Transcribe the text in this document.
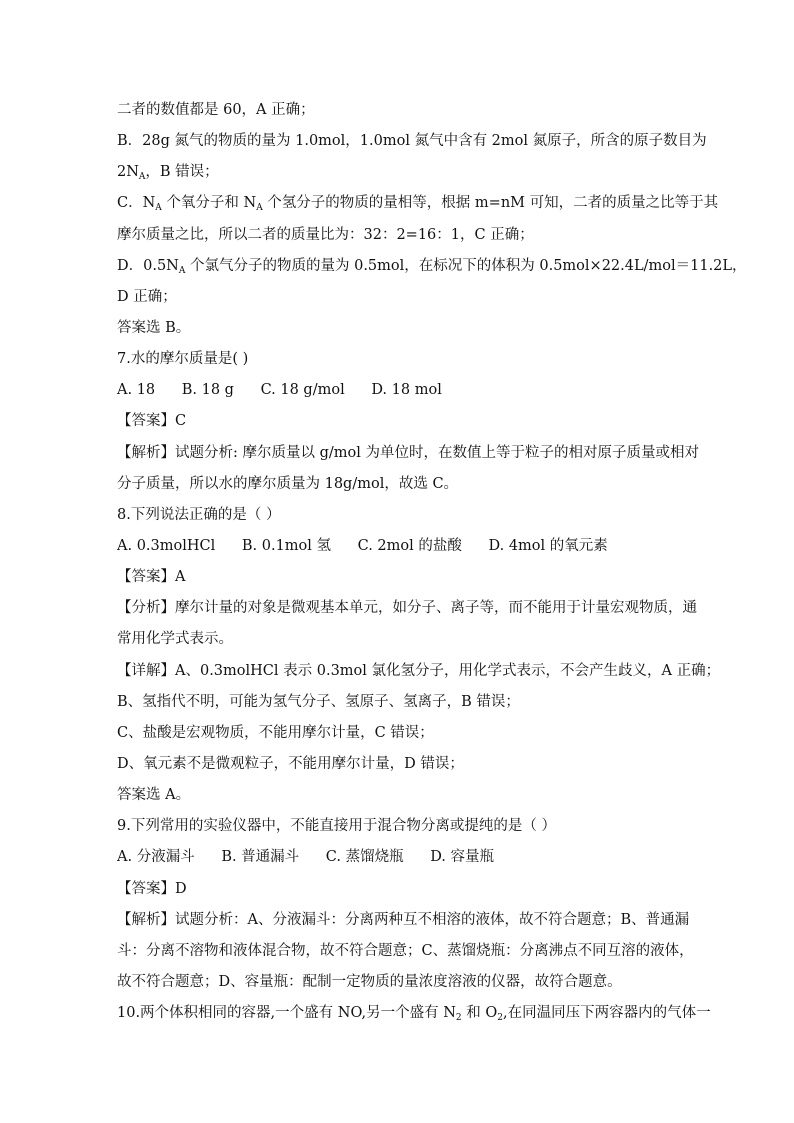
二者的数值都是 60，A 正确；
B．28g 氮气的物质的量为 1.0mol，1.0mol 氮气中含有 2mol 氮原子，所含的原子数目为
$2N_A$，B 错误；
C．$N_A$ 个氧分子和 $N_A$ 个氢分子的物质的量相等，根据 m=nM 可知，二者的质量之比等于其
摩尔质量之比，所以二者的质量比为：32：2=16：1，C 正确；
D．$0.5N_A$ 个氯气分子的物质的量为 0.5mol，在标况下的体积为 0.5mol×22.4L/mol＝11.2L，
D 正确；
答案选 B。
7.水的摩尔质量是( )
A. 18 B. 18 g C. 18 g/mol D. 18 mol
【答案】C
【解析】试题分析: 摩尔质量以 g/mol 为单位时，在数值上等于粒子的相对原子质量或相对
分子质量，所以水的摩尔质量为 18g/mol，故选 C。
8.下列说法正确的是（ ）
A. 0.3molHCl B. 0.1mol 氢 C. 2mol 的盐酸 D. 4mol 的氧元素
【答案】A
【分析】摩尔计量的对象是微观基本单元，如分子、离子等，而不能用于计量宏观物质，通
常用化学式表示。
【详解】A、0.3molHCl 表示 0.3mol 氯化氢分子，用化学式表示，不会产生歧义，A 正确；
B、氢指代不明，可能为氢气分子、氢原子、氢离子，B 错误；
C、盐酸是宏观物质，不能用摩尔计量，C 错误；
D、氧元素不是微观粒子，不能用摩尔计量，D 错误；
答案选 A。
9.下列常用的实验仪器中，不能直接用于混合物分离或提纯的是（ ）
A. 分液漏斗 B. 普通漏斗 C. 蒸馏烧瓶 D. 容量瓶
【答案】D
【解析】试题分析：A、分液漏斗：分离两种互不相溶的液体，故不符合题意；B、普通漏
斗：分离不溶物和液体混合物，故不符合题意；C、蒸馏烧瓶：分离沸点不同互溶的液体，
故不符合题意；D、容量瓶：配制一定物质的量浓度溶液的仪器，故符合题意。
10.两个体积相同的容器,一个盛有 NO,另一个盛有 $N_2$ 和 $O_2$,在同温同压下两容器内的气体一
